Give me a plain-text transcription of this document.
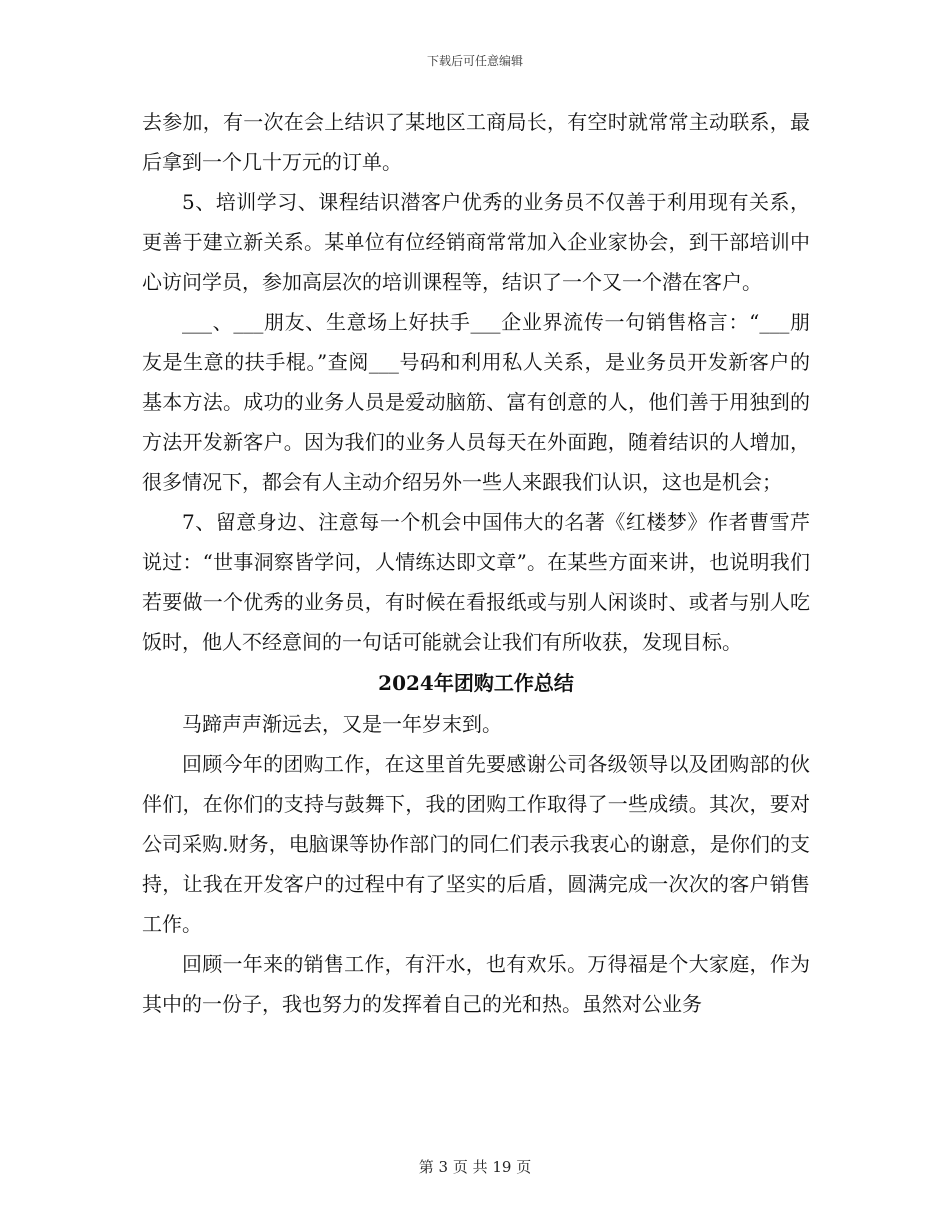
下载后可任意编辑

去参加，有一次在会上结识了某地区工商局长，有空时就常常主动联系，最后拿到一个几十万元的订单。

5、培训学习、课程结识潜客户优秀的业务员不仅善于利用现有关系，更善于建立新关系。某单位有位经销商常常加入企业家协会，到干部培训中心访问学员，参加高层次的培训课程等，结识了一个又一个潜在客户。

___、___朋友、生意场上好扶手___企业界流传一句销售格言：“___朋友是生意的扶手棍。”查阅___号码和利用私人关系，是业务员开发新客户的基本方法。成功的业务人员是爱动脑筋、富有创意的人，他们善于用独到的方法开发新客户。因为我们的业务人员每天在外面跑，随着结识的人增加，很多情况下，都会有人主动介绍另外一些人来跟我们认识，这也是机会；

7、留意身边、注意每一个机会中国伟大的名著《红楼梦》作者曹雪芹说过：“世事洞察皆学问，人情练达即文章”。在某些方面来讲，也说明我们若要做一个优秀的业务员，有时候在看报纸或与别人闲谈时、或者与别人吃饭时，他人不经意间的一句话可能就会让我们有所收获，发现目标。

2024年团购工作总结

马蹄声声渐远去，又是一年岁末到。

回顾今年的团购工作，在这里首先要感谢公司各级领导以及团购部的伙伴们，在你们的支持与鼓舞下，我的团购工作取得了一些成绩。其次，要对公司采购.财务，电脑课等协作部门的同仁们表示我衷心的谢意，是你们的支持，让我在开发客户的过程中有了坚实的后盾，圆满完成一次次的客户销售工作。

回顾一年来的销售工作，有汗水，也有欢乐。万得福是个大家庭，作为其中的一份子，我也努力的发挥着自己的光和热。虽然对公业务

第 3 页 共 19 页
